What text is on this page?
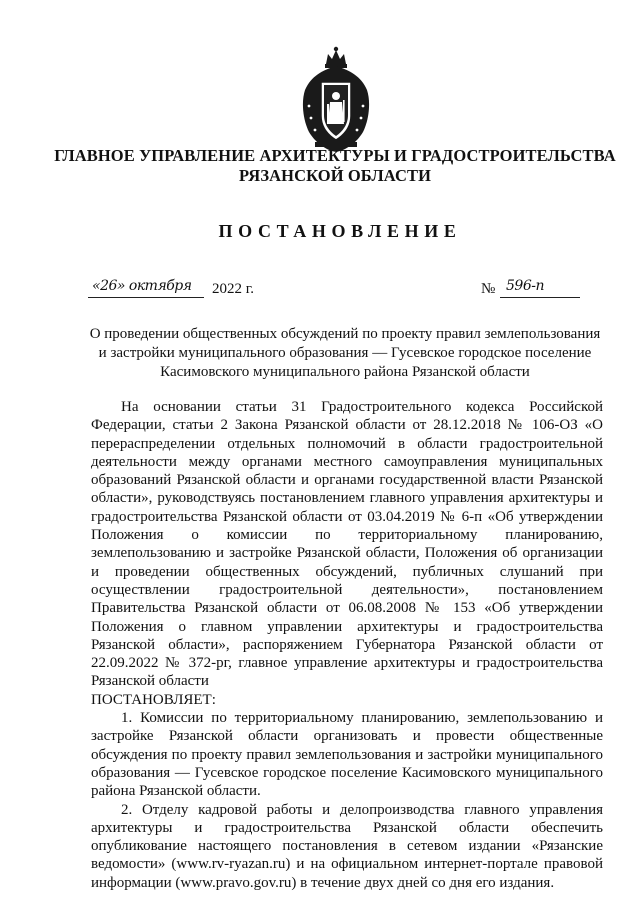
ГЛАВНОЕ УПРАВЛЕНИЕ АРХИТЕКТУРЫ И ГРАДОСТРОИТЕЛЬСТВА
РЯЗАНСКОЙ ОБЛАСТИ
ПОСТАНОВЛЕНИЕ
«26» октября 2022 г.	№ 596-п
О проведении общественных обсуждений по проекту правил землепользования
и застройки муниципального образования — Гусевское городское поселение
Касимовского муниципального района Рязанской области

На основании статьи 31 Градостроительного кодекса Российской Федерации, статьи 2 Закона Рязанской области от 28.12.2018 № 106-ОЗ «О перераспределении отдельных полномочий в области градостроительной деятельности между органами местного самоуправления муниципальных образований Рязанской области и органами государственной власти Рязанской области», руководствуясь постановлением главного управления архитектуры и градостроительства Рязанской области от 03.04.2019 № 6-п «Об утверждении Положения о комиссии по территориальному планированию, землепользованию и застройке Рязанской области, Положения об организации и проведении общественных обсуждений, публичных слушаний при осуществлении градостроительной деятельности», постановлением Правительства Рязанской области от 06.08.2008 № 153 «Об утверждении Положения о главном управлении архитектуры и градостроительства Рязанской области», распоряжением Губернатора Рязанской области от 22.09.2022 № 372-рг, главное управление архитектуры и градостроительства Рязанской области

ПОСТАНОВЛЯЕТ:

1. Комиссии по территориальному планированию, землепользованию и застройке Рязанской области организовать и провести общественные обсуждения по проекту правил землепользования и застройки муниципального образования — Гусевское городское поселение Касимовского муниципального района Рязанской области.

2. Отделу кадровой работы и делопроизводства главного управления архитектуры и градостроительства Рязанской области обеспечить опубликование настоящего постановления в сетевом издании «Рязанские ведомости» (www.rv-ryazan.ru) и на официальном интернет-портале правовой информации (www.pravo.gov.ru) в течение двух дней со дня его издания.
